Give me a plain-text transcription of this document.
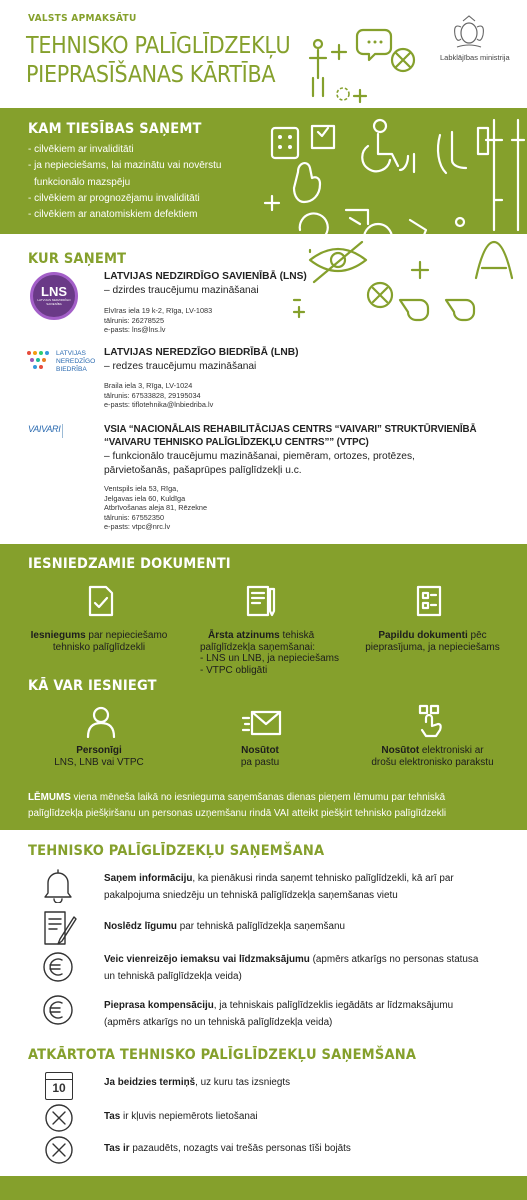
VALSTS APMAKSĀTU
TEHNISKO PALĪGLĪDZEKĻU
PIEPRASĪŠANAS KĀRTĪBA
Labklājības ministrija
KAM TIESĪBAS SAŅEMT
- cilvēkiem ar invaliditāti
- ja nepieciešams, lai mazinātu vai novērstu
funkcionālo mazspēju
- cilvēkiem ar prognozējamu invaliditāti
- cilvēkiem ar anatomiskiem defektiem
KUR SAŅEMT
LNS
LATVIJAS NEDZIRDĪGO SAVIENĪBA
LATVIJAS NEDZIRDĪGO SAVIENĪBĀ (LNS)
– dzirdes traucējumu mazināšanai
Elvīras iela 19 k-2, Rīga, LV-1083
tālrunis: 26278525
e-pasts: lns@lns.lv
LATVIJAS
NEREDZĪGO
BIEDRĪBA
LATVIJAS NEREDZĪGO BIEDRĪBĀ (LNB)
– redzes traucējumu mazināšanai
Braila iela 3, Rīga, LV-1024
tālrunis: 67533828, 29195034
e-pasts: tiflotehnika@lnbiedriba.lv
VAIVARI	VSIA “NACIONĀLAIS REHABILITĀCIJAS CENTRS “VAIVARI” STRUKTŪRVIENĪBĀ
“VAIVARU TEHNISKO PALĪGLĪDZEKĻU CENTRS”” (VTPC)
– funkcionālo traucējumu mazināšanai, piemēram, ortozes, protēzes,
pārvietošanās, pašaprūpes palīglīdzekļi u.c.
Ventspils iela 53, Rīga,
Jelgavas iela 60, Kuldīga
Atbrīvošanas aleja 81, Rēzekne
tālrunis: 67552350
e-pasts: vtpc@nrc.lv
IESNIEDZAMIE DOKUMENTI
Iesniegums par nepieciešamo
tehnisko palīglīdzekli
Ārsta atzinums tehiskā
palīglīdzekļa saņemšanai:
- LNS un LNB, ja nepieciešams
- VTPC obligāti
Papildu dokumenti pēc
pieprasījuma, ja nepieciešams
KĀ VAR IESNIEGT
Personīgi
LNS, LNB vai VTPC
Nosūtot
pa pastu
Nosūtot elektroniski ar
drošu elektronisko parakstu
LĒMUMS viena mēneša laikā no iesnieguma saņemšanas dienas pieņem lēmumu par tehniskā
palīglīdzekļa piešķiršanu un personas uzņemšanu rindā VAI atteikt piešķirt tehnisko palīglīdzekli
TEHNISKO PALĪGLĪDZEKĻU SAŅEMŠANA
Saņem informāciju, ka pienākusi rinda saņemt tehnisko palīglīdzekli, kā arī par
pakalpojuma sniedzēju un tehniskā palīglīdzekļa saņemšanas vietu
Noslēdz līgumu par tehniskā palīglīdzekļa saņemšanu
Veic vienreizējo iemaksu vai līdzmaksājumu (apmērs atkarīgs no personas statusa
un tehniskā palīglīdzekļa veida)
Pieprasa kompensāciju, ja tehniskais palīglīdzeklis iegādāts ar līdzmaksājumu
(apmērs atkarīgs no un tehniskā palīglīdzekļa veida)
ATKĀRTOTA TEHNISKO PALĪGLĪDZEKĻU SAŅEMŠANA
10	Ja beidzies termiņš, uz kuru tas izsniegts
Tas ir kļuvis nepiemērots lietošanai
Tas ir pazaudēts, nozagts vai trešās personas tīši bojāts
